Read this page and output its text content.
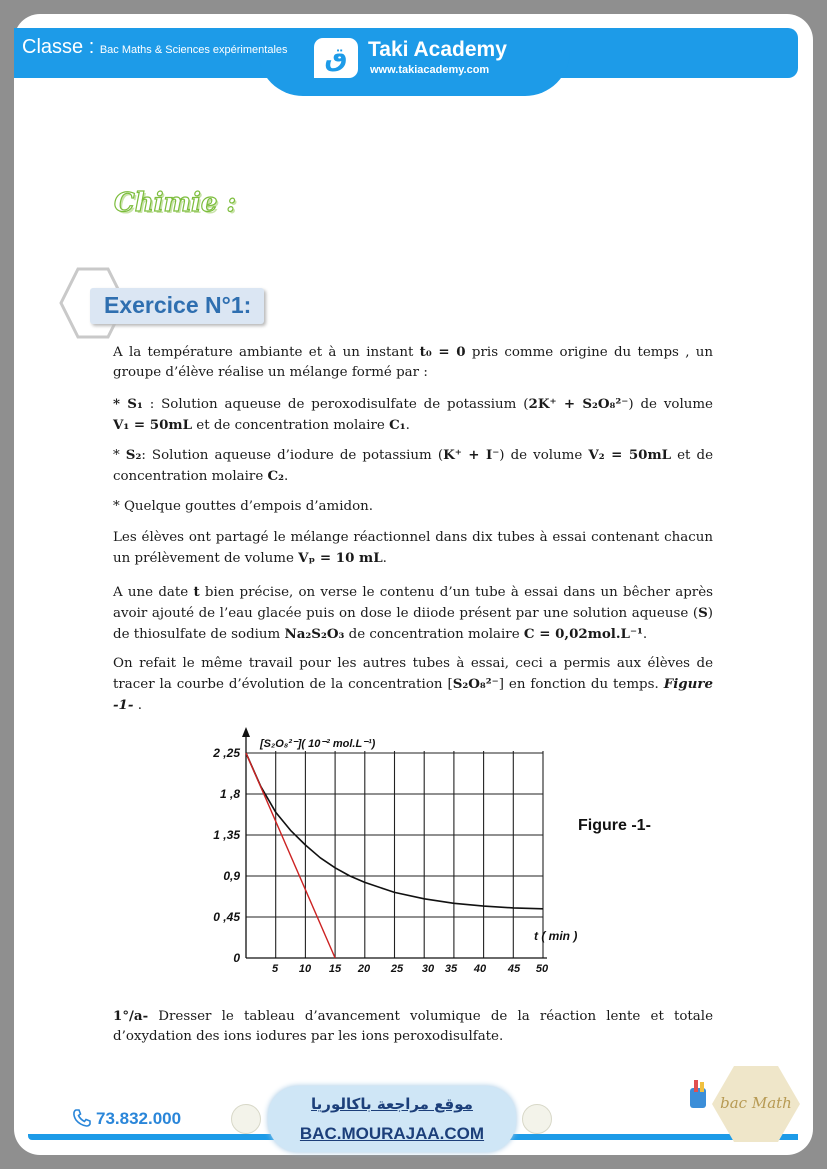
Classe : Bac Maths & Sciences expérimentales	ق Taki Academy
www.takiacademy.com
Chimie :
Exercice N°1:
A la température ambiante et à un instant t₀ = 0 pris comme origine du temps , un groupe d’élève réalise un mélange formé par :
* S₁ : Solution aqueuse de peroxodisulfate de potassium (2K⁺ + S₂O₈²⁻) de volume V₁ = 50mL et de concentration molaire C₁.
* S₂: Solution aqueuse d’iodure de potassium (K⁺ + I⁻) de volume V₂ = 50mL et de concentration molaire C₂.
* Quelque gouttes d’empois d’amidon.
Les élèves ont partagé le mélange réactionnel dans dix tubes à essai contenant chacun un prélèvement de volume Vₚ = 10 mL.
A une date t bien précise, on verse le contenu d’un tube à essai dans un bêcher après avoir ajouté de l’eau glacée puis on dose le diiode présent par une solution aqueuse (S) de thiosulfate de sodium Na₂S₂O₃ de concentration molaire C = 0,02mol.L⁻¹.
On refait le même travail pour les autres tubes à essai, ceci a permis aux élèves de tracer la courbe d’évolution de la concentration [S₂O₈²⁻] en fonction du temps. Figure -1- .
5 10 15 20 25 30 35 40 45 50
0
0 ,45
0,9
1 ,35
1 ,8
2 ,25
[S₂O₈²⁻]( 10⁻² mol.L⁻¹)
t ( min )
Figure -1-
1°/a- Dresser le tableau d’avancement volumique de la réaction lente et totale d’oxydation des ions iodures par les ions peroxodisulfate.
73.832.000
موقع مراجعة باكالوريا
BAC.MOURAJAA.COM
bac Math
